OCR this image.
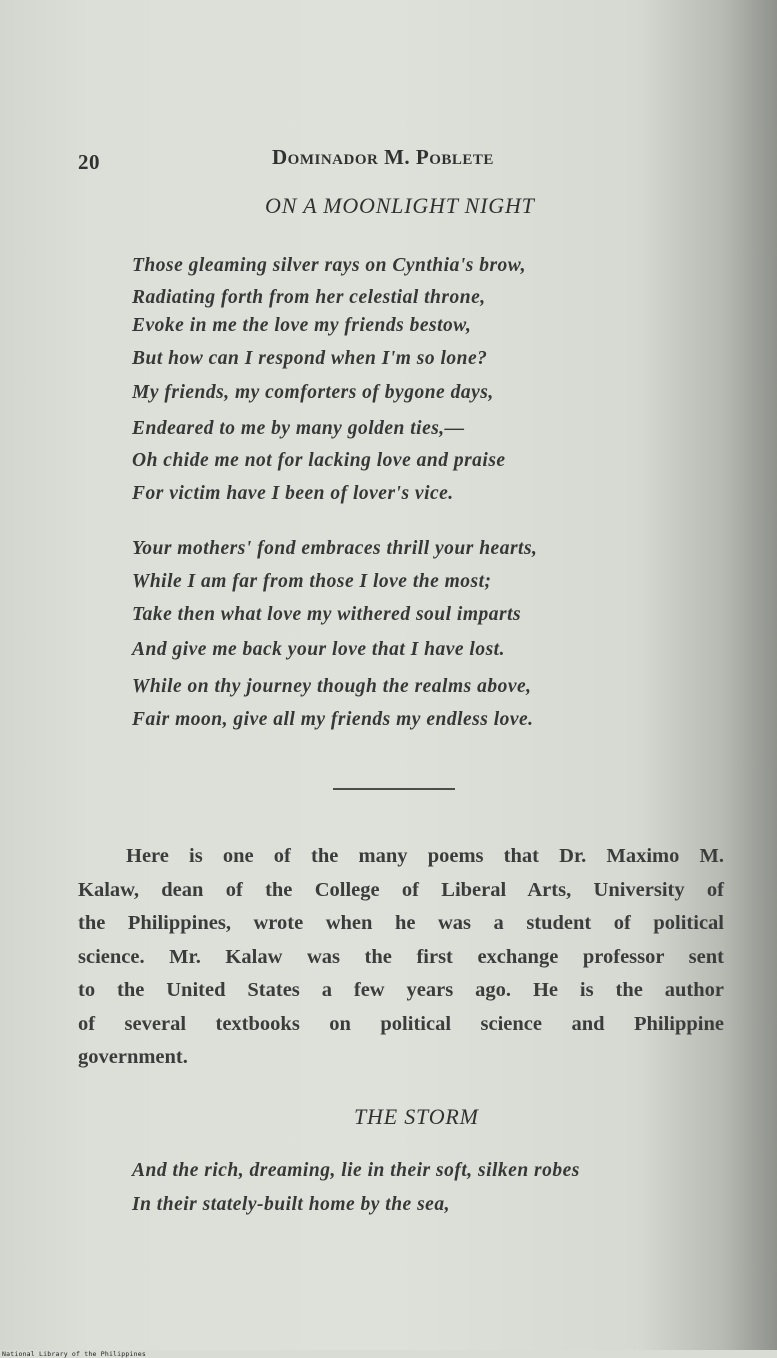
20	Dominador M. Poblete
ON A MOONLIGHT NIGHT
Those gleaming silver rays on Cynthia's brow,
Radiating forth from her celestial throne,
Evoke in me the love my friends bestow,
But how can I respond when I'm so lone?
My friends, my comforters of bygone days,
Endeared to me by many golden ties,—
Oh chide me not for lacking love and praise
For victim have I been of lover's vice.
Your mothers' fond embraces thrill your hearts,
While I am far from those I love the most;
Take then what love my withered soul imparts
And give me back your love that I have lost.
While on thy journey though the realms above,
Fair moon, give all my friends my endless love.
Here is one of the many poems that Dr. Maximo M.
Kalaw, dean of the College of Liberal Arts, University of
the Philippines, wrote when he was a student of political
science. Mr. Kalaw was the first exchange professor sent
to the United States a few years ago. He is the author
of several textbooks on political science and Philippine
government.
THE STORM
And the rich, dreaming, lie in their soft, silken robes
In their stately-built home by the sea,
National Library of the Philippines
